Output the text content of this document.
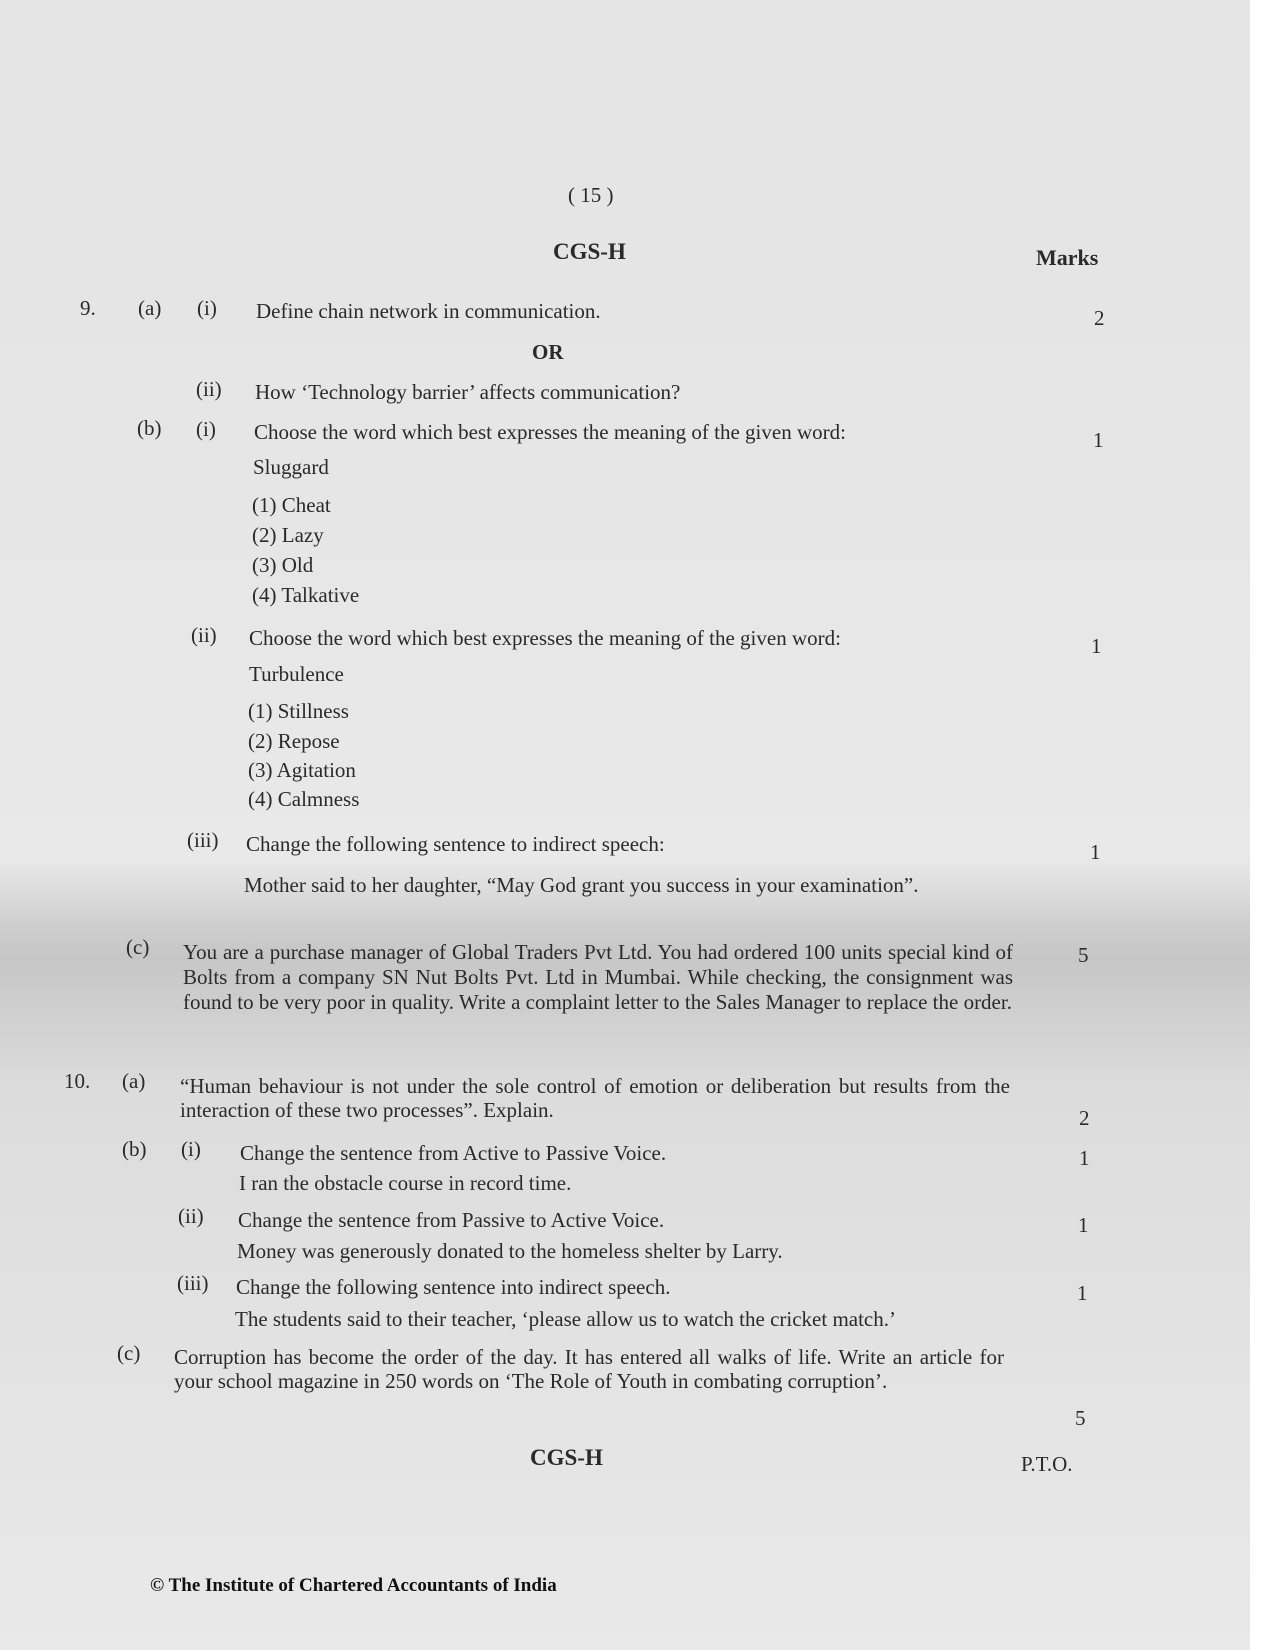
( 15 )
CGS-H	Marks
9. (a) (i) Define chain network in communication.	2
OR
(ii) How ‘Technology barrier’ affects communication?
(b) (i) Choose the word which best expresses the meaning of the given word:	1
Sluggard
(1) Cheat
(2) Lazy
(3) Old
(4) Talkative
(ii) Choose the word which best expresses the meaning of the given word:	1
Turbulence
(1) Stillness
(2) Repose
(3) Agitation
(4) Calmness
(iii) Change the following sentence to indirect speech:	1
Mother said to her daughter, “May God grant you success in your examination”.
(c) You are a purchase manager of Global Traders Pvt Ltd. You had ordered 100 units special kind of Bolts from a company SN Nut Bolts Pvt. Ltd in Mumbai. While checking, the consignment was found to be very poor in quality. Write a complaint letter to the Sales Manager to replace the order.
5
10. (a) “Human behaviour is not under the sole control of emotion or deliberation but results from the interaction of these two processes”. Explain.	2
(b) (i) Change the sentence from Active to Passive Voice.	1
I ran the obstacle course in record time.
(ii) Change the sentence from Passive to Active Voice.	1
Money was generously donated to the homeless shelter by Larry.
(iii) Change the following sentence into indirect speech.	1
The students said to their teacher, ‘please allow us to watch the cricket match.’
(c) Corruption has become the order of the day. It has entered all walks of life. Write an article for your school magazine in 250 words on ‘The Role of Youth in combating corruption’.
5
CGS-H	P.T.O.
© The Institute of Chartered Accountants of India
